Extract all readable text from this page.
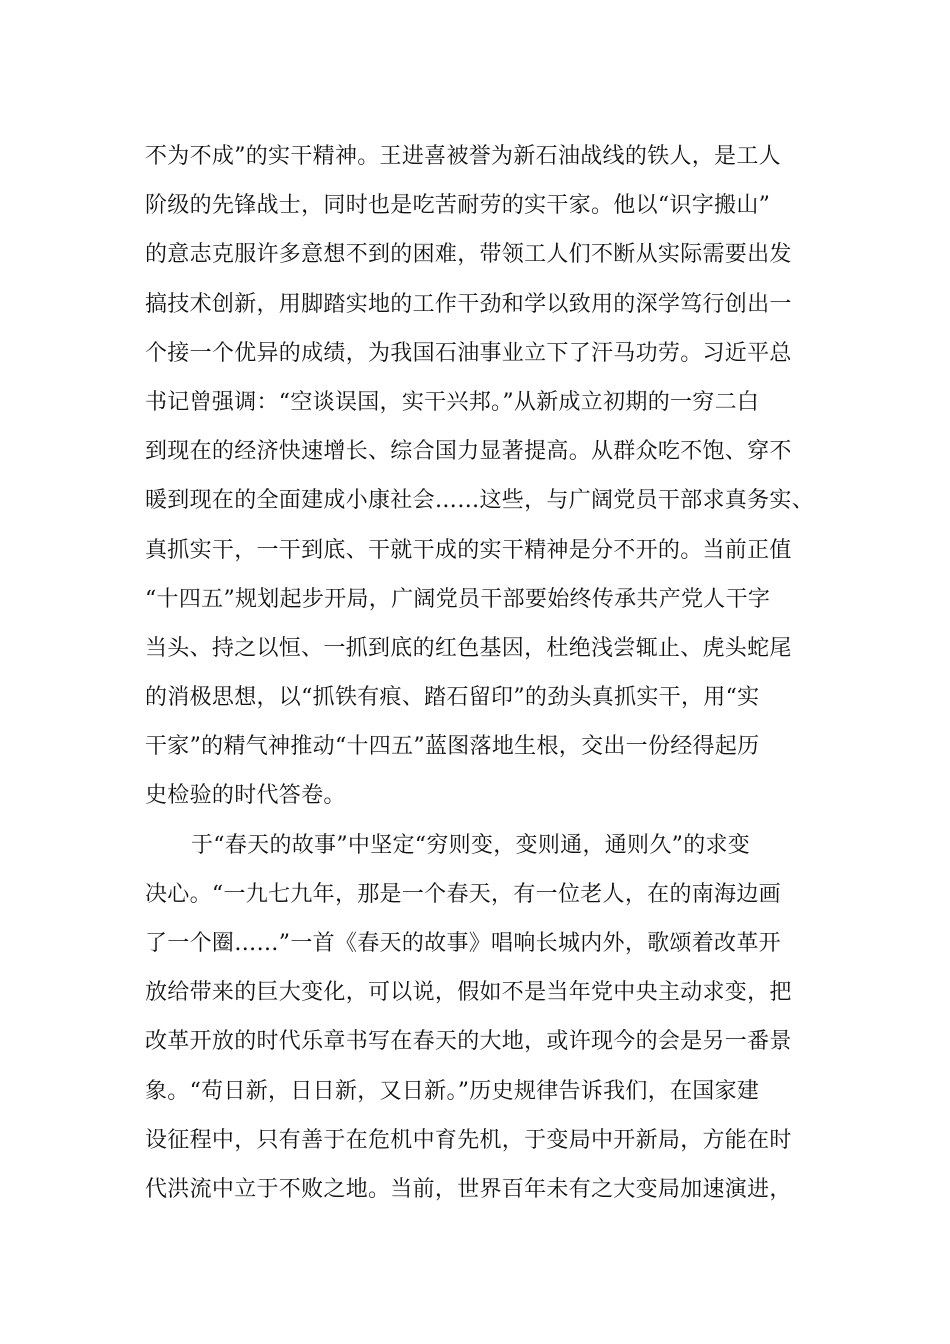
不为不成”的实干精神。王进喜被誉为新石油战线的铁人，是工人
阶级的先锋战士，同时也是吃苦耐劳的实干家。他以“识字搬山”
的意志克服许多意想不到的困难，带领工人们不断从实际需要出发
搞技术创新，用脚踏实地的工作干劲和学以致用的深学笃行创出一
个接一个优异的成绩，为我国石油事业立下了汗马功劳。习近平总
书记曾强调：“空谈误国，实干兴邦。”从新成立初期的一穷二白
到现在的经济快速增长、综合国力显著提高。从群众吃不饱、穿不
暖到现在的全面建成小康社会……这些，与广阔党员干部求真务实、
真抓实干，一干到底、干就干成的实干精神是分不开的。当前正值
“十四五”规划起步开局，广阔党员干部要始终传承共产党人干字
当头、持之以恒、一抓到底的红色基因，杜绝浅尝辄止、虎头蛇尾
的消极思想，以“抓铁有痕、踏石留印”的劲头真抓实干，用“实
干家”的精气神推动“十四五”蓝图落地生根，交出一份经得起历
史检验的时代答卷。
于“春天的故事”中坚定“穷则变，变则通，通则久”的求变
决心。“一九七九年，那是一个春天，有一位老人，在的南海边画
了一个圈……”一首《春天的故事》唱响长城内外，歌颂着改革开
放给带来的巨大变化，可以说，假如不是当年党中央主动求变，把
改革开放的时代乐章书写在春天的大地，或许现今的会是另一番景
象。“苟日新，日日新，又日新。”历史规律告诉我们，在国家建
设征程中，只有善于在危机中育先机，于变局中开新局，方能在时
代洪流中立于不败之地。当前，世界百年未有之大变局加速演进，
